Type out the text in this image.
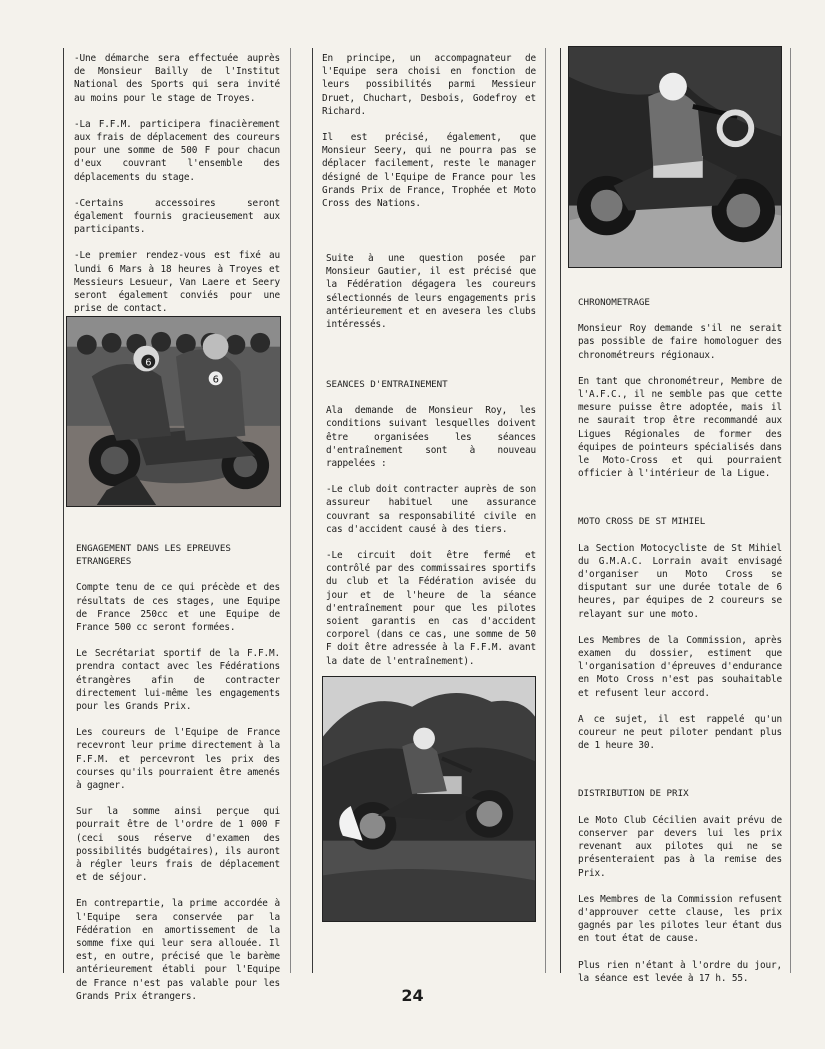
-Une démarche sera effectuée auprès de Monsieur Bailly de l'Institut National des Sports qui sera invité au moins pour le stage de Troyes.

-La F.F.M. participera finacièrement aux frais de déplacement des coureurs pour une somme de 500 F pour chacun d'eux couvrant l'ensemble des déplacements du stage.

-Certains accessoires seront également fournis gracieusement aux participants.

-Le premier rendez-vous est fixé au lundi 6 Mars à 18 heures à Troyes et Messieurs Lesueur, Van Laere et Seery seront également conviés pour une prise de contact.

6
6
ENGAGEMENT DANS LES EPREUVES ETRANGERES

Compte tenu de ce qui précède et des résultats de ces stages, une Equipe de France 250cc et une Equipe de France 500 cc seront formées.

Le Secrétariat sportif de la F.F.M. prendra contact avec les Fédérations étrangères afin de contracter directement lui-même les engagements pour les Grands Prix.

Les coureurs de l'Equipe de France recevront leur prime directement à la F.F.M. et percevront les prix des courses qu'ils pourraient être amenés à gagner.

Sur la somme ainsi perçue qui pourrait être de l'ordre de 1 000 F (ceci sous réserve d'examen des possibilités budgétaires), ils auront à régler leurs frais de déplacement et de séjour.

En contrepartie, la prime accordée à l'Equipe sera conservée par la Fédération en amortissement de la somme fixe qui leur sera allouée. Il est, en outre, précisé que le barème antérieurement établi pour l'Equipe de France n'est pas valable pour les Grands Prix étrangers.

En principe, un accompagnateur de l'Equipe sera choisi en fonction de leurs possibilités parmi Messieur Druet, Chuchart, Desbois, Godefroy et Richard.

Il est précisé, également, que Monsieur Seery, qui ne pourra pas se déplacer facilement, reste le manager désigné de l'Equipe de France pour les Grands Prix de France, Trophée et Moto Cross des Nations.

Suite à une question posée par Monsieur Gautier, il est précisé que la Fédération dégagera les coureurs sélectionnés de leurs engagements pris antérieurement et en avesera les clubs intéressés.

SEANCES D'ENTRAINEMENT

Ala demande de Monsieur Roy, les conditions suivant lesquelles doivent être organisées les séances d'entraînement sont à nouveau rappelées :

-Le club doit contracter auprès de son assureur habituel une assurance couvrant sa responsabilité civile en cas d'accident causé à des tiers.

-Le circuit doit être fermé et contrôlé par des commissaires sportifs du club et la Fédération avisée du jour et de l'heure de la séance d'entraînement pour que les pilotes soient garantis en cas d'accident corporel (dans ce cas, une somme de 50 F doit être adressée à la F.F.M. avant la date de l'entraînement).

CHRONOMETRAGE

Monsieur Roy demande s'il ne serait pas possible de faire homologuer des chronométreurs régionaux.

En tant que chronométreur, Membre de l'A.F.C., il ne semble pas que cette mesure puisse être adoptée, mais il ne saurait trop être recommandé aux Ligues Régionales de former des équipes de pointeurs spécialisés dans le Moto-Cross et qui pourraient officier à l'intérieur de la Ligue.

MOTO CROSS DE ST MIHIEL

La Section Motocycliste de St Mihiel du G.M.A.C. Lorrain avait envisagé d'organiser un Moto Cross se disputant sur une durée totale de 6 heures, par équipes de 2 coureurs se relayant sur une moto.

Les Membres de la Commission, après examen du dossier, estiment que l'organisation d'épreuves d'endurance en Moto Cross n'est pas souhaitable et refusent leur accord.

A ce sujet, il est rappelé qu'un coureur ne peut piloter pendant plus de 1 heure 30.

DISTRIBUTION DE PRIX

Le Moto Club Cécilien avait prévu de conserver par devers lui les prix revenant aux pilotes qui ne se présenteraient pas à la remise des Prix.

Les Membres de la Commission refusent d'approuver cette clause, les prix gagnés par les pilotes leur étant dus en tout état de cause.

Plus rien n'étant à l'ordre du jour, la séance est levée à 17 h. 55.

24
